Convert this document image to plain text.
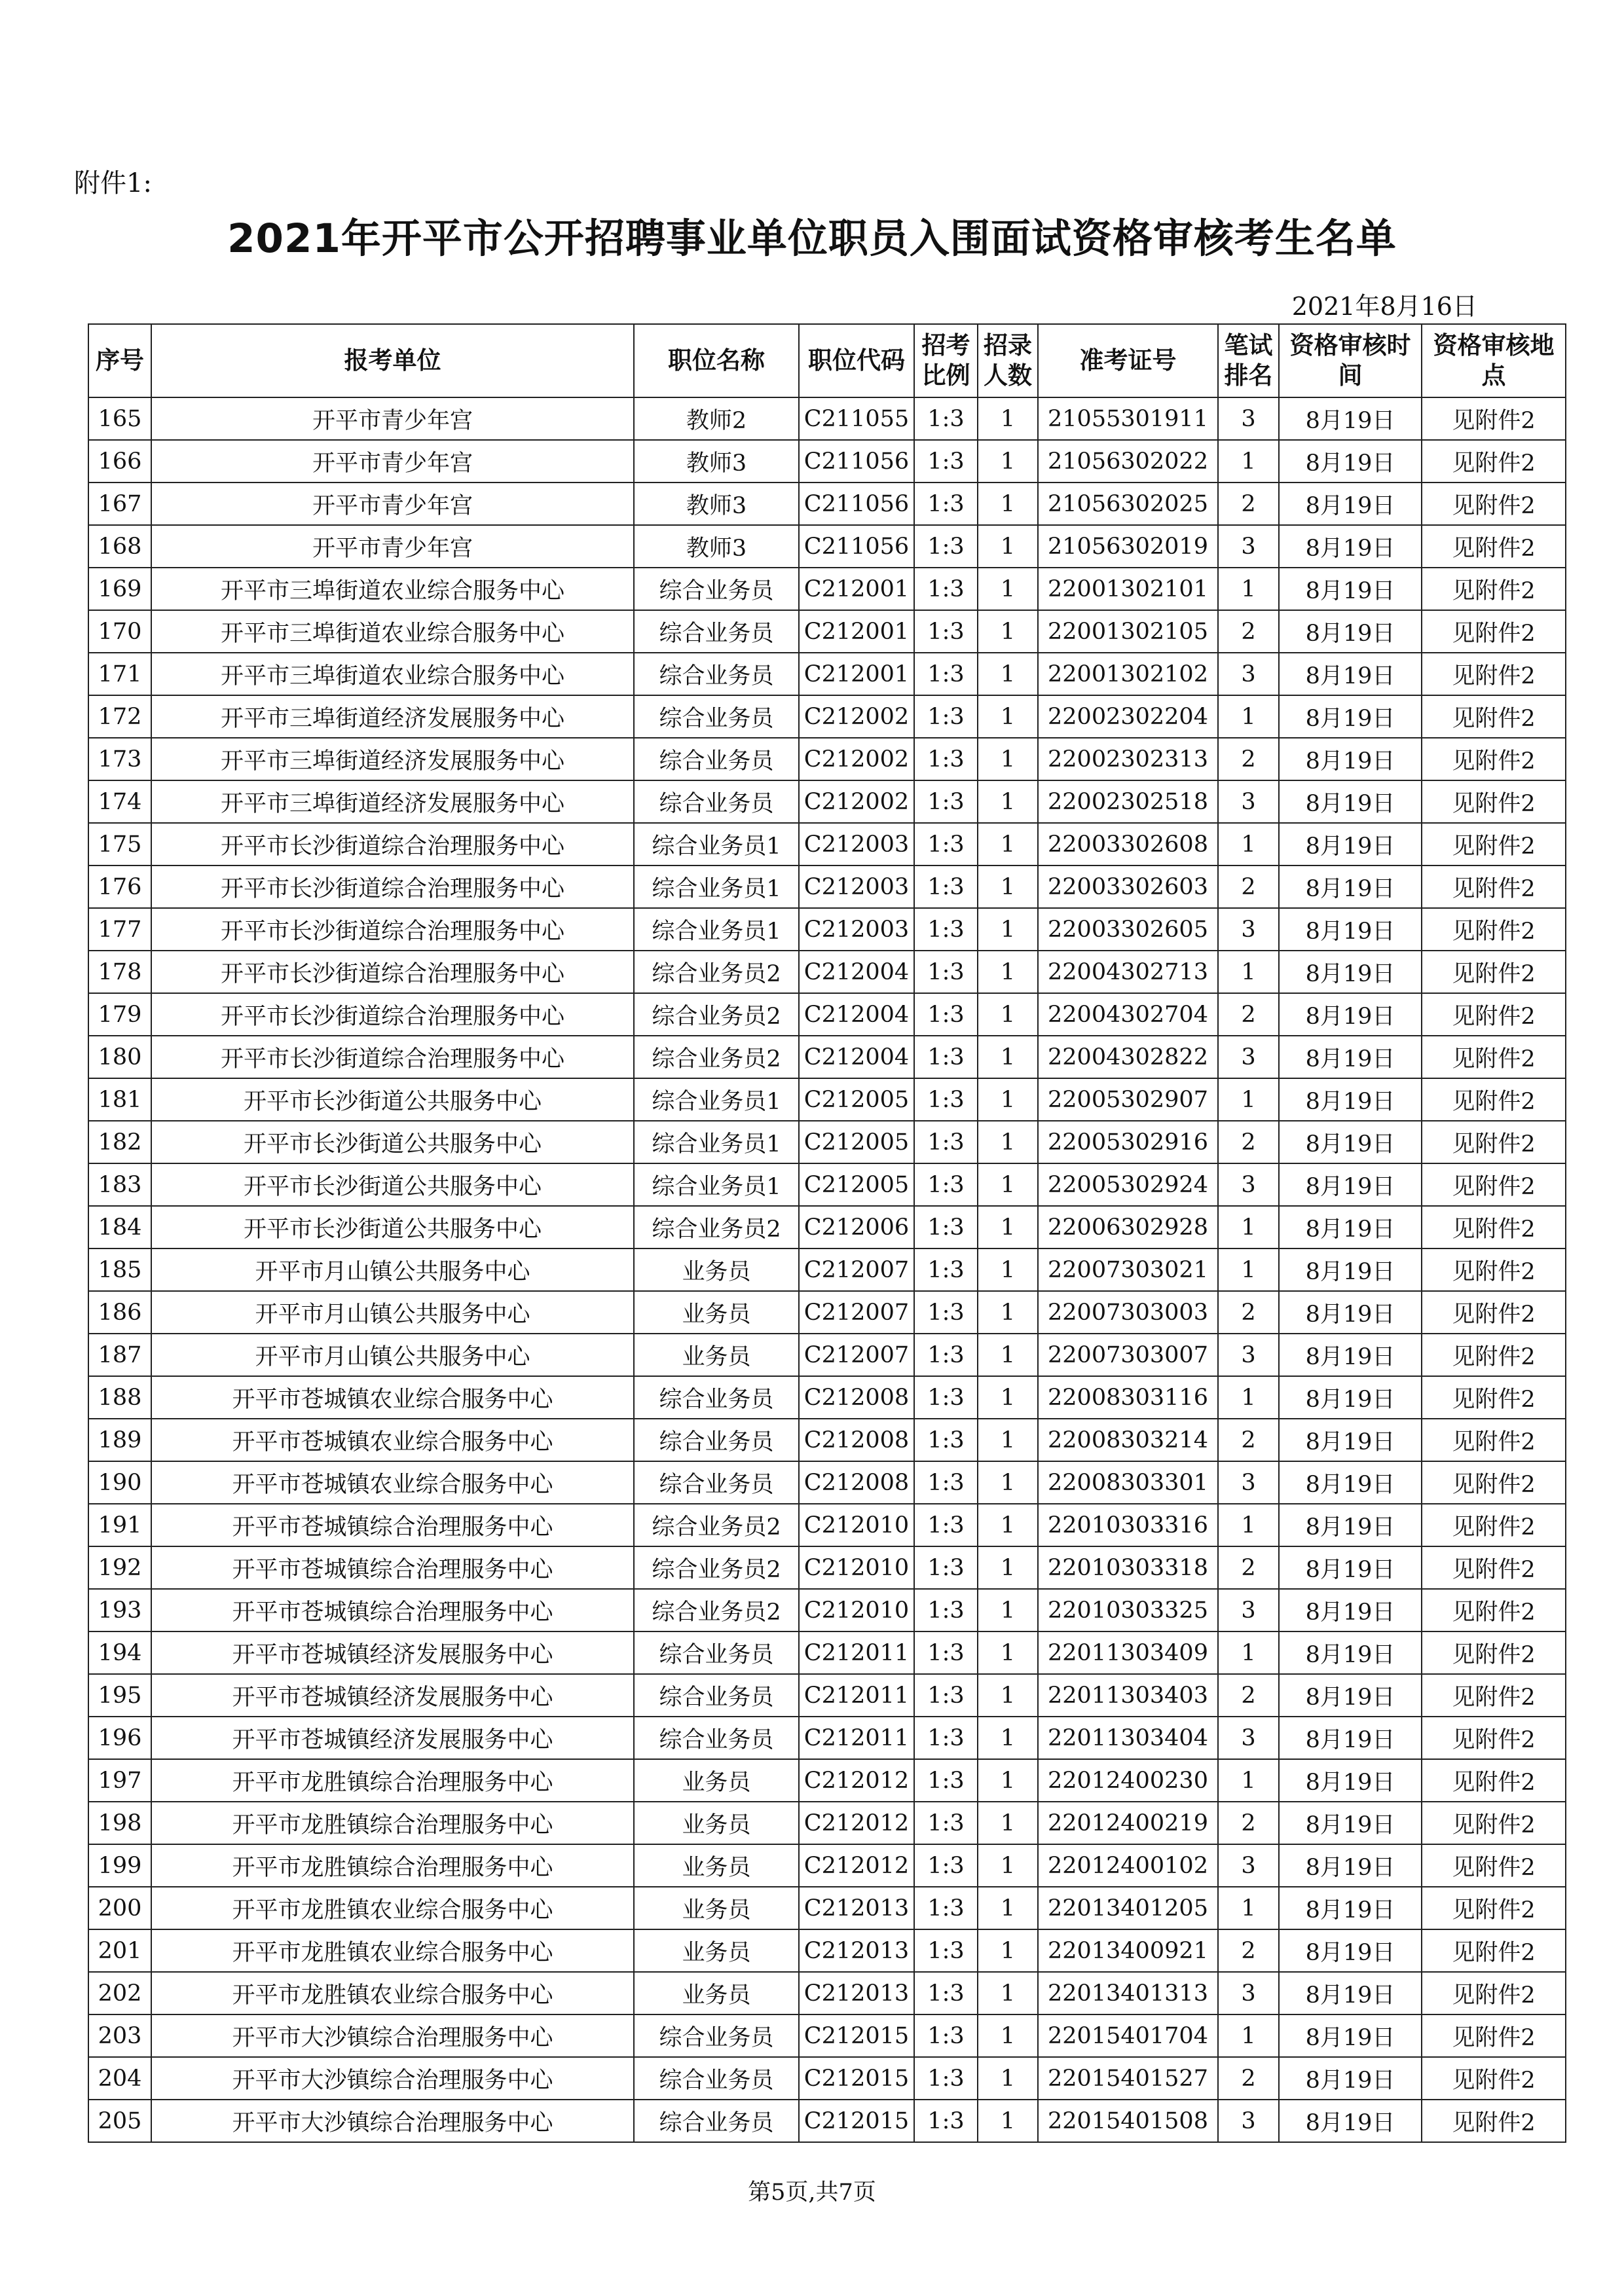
附件1:
2021年开平市公开招聘事业单位职员入围面试资格审核考生名单
2021年8月16日
序号	报考单位	职位名称	职位代码	招考比例	招录人数	准考证号	笔试排名	资格审核时间	资格审核地点
165	开平市青少年宫	教师2	C211055	1:3	1	21055301911	3	8月19日	见附件2
166	开平市青少年宫	教师3	C211056	1:3	1	21056302022	1	8月19日	见附件2
167	开平市青少年宫	教师3	C211056	1:3	1	21056302025	2	8月19日	见附件2
168	开平市青少年宫	教师3	C211056	1:3	1	21056302019	3	8月19日	见附件2
169	开平市三埠街道农业综合服务中心	综合业务员	C212001	1:3	1	22001302101	1	8月19日	见附件2
170	开平市三埠街道农业综合服务中心	综合业务员	C212001	1:3	1	22001302105	2	8月19日	见附件2
171	开平市三埠街道农业综合服务中心	综合业务员	C212001	1:3	1	22001302102	3	8月19日	见附件2
172	开平市三埠街道经济发展服务中心	综合业务员	C212002	1:3	1	22002302204	1	8月19日	见附件2
173	开平市三埠街道经济发展服务中心	综合业务员	C212002	1:3	1	22002302313	2	8月19日	见附件2
174	开平市三埠街道经济发展服务中心	综合业务员	C212002	1:3	1	22002302518	3	8月19日	见附件2
175	开平市长沙街道综合治理服务中心	综合业务员1	C212003	1:3	1	22003302608	1	8月19日	见附件2
176	开平市长沙街道综合治理服务中心	综合业务员1	C212003	1:3	1	22003302603	2	8月19日	见附件2
177	开平市长沙街道综合治理服务中心	综合业务员1	C212003	1:3	1	22003302605	3	8月19日	见附件2
178	开平市长沙街道综合治理服务中心	综合业务员2	C212004	1:3	1	22004302713	1	8月19日	见附件2
179	开平市长沙街道综合治理服务中心	综合业务员2	C212004	1:3	1	22004302704	2	8月19日	见附件2
180	开平市长沙街道综合治理服务中心	综合业务员2	C212004	1:3	1	22004302822	3	8月19日	见附件2
181	开平市长沙街道公共服务中心	综合业务员1	C212005	1:3	1	22005302907	1	8月19日	见附件2
182	开平市长沙街道公共服务中心	综合业务员1	C212005	1:3	1	22005302916	2	8月19日	见附件2
183	开平市长沙街道公共服务中心	综合业务员1	C212005	1:3	1	22005302924	3	8月19日	见附件2
184	开平市长沙街道公共服务中心	综合业务员2	C212006	1:3	1	22006302928	1	8月19日	见附件2
185	开平市月山镇公共服务中心	业务员	C212007	1:3	1	22007303021	1	8月19日	见附件2
186	开平市月山镇公共服务中心	业务员	C212007	1:3	1	22007303003	2	8月19日	见附件2
187	开平市月山镇公共服务中心	业务员	C212007	1:3	1	22007303007	3	8月19日	见附件2
188	开平市苍城镇农业综合服务中心	综合业务员	C212008	1:3	1	22008303116	1	8月19日	见附件2
189	开平市苍城镇农业综合服务中心	综合业务员	C212008	1:3	1	22008303214	2	8月19日	见附件2
190	开平市苍城镇农业综合服务中心	综合业务员	C212008	1:3	1	22008303301	3	8月19日	见附件2
191	开平市苍城镇综合治理服务中心	综合业务员2	C212010	1:3	1	22010303316	1	8月19日	见附件2
192	开平市苍城镇综合治理服务中心	综合业务员2	C212010	1:3	1	22010303318	2	8月19日	见附件2
193	开平市苍城镇综合治理服务中心	综合业务员2	C212010	1:3	1	22010303325	3	8月19日	见附件2
194	开平市苍城镇经济发展服务中心	综合业务员	C212011	1:3	1	22011303409	1	8月19日	见附件2
195	开平市苍城镇经济发展服务中心	综合业务员	C212011	1:3	1	22011303403	2	8月19日	见附件2
196	开平市苍城镇经济发展服务中心	综合业务员	C212011	1:3	1	22011303404	3	8月19日	见附件2
197	开平市龙胜镇综合治理服务中心	业务员	C212012	1:3	1	22012400230	1	8月19日	见附件2
198	开平市龙胜镇综合治理服务中心	业务员	C212012	1:3	1	22012400219	2	8月19日	见附件2
199	开平市龙胜镇综合治理服务中心	业务员	C212012	1:3	1	22012400102	3	8月19日	见附件2
200	开平市龙胜镇农业综合服务中心	业务员	C212013	1:3	1	22013401205	1	8月19日	见附件2
201	开平市龙胜镇农业综合服务中心	业务员	C212013	1:3	1	22013400921	2	8月19日	见附件2
202	开平市龙胜镇农业综合服务中心	业务员	C212013	1:3	1	22013401313	3	8月19日	见附件2
203	开平市大沙镇综合治理服务中心	综合业务员	C212015	1:3	1	22015401704	1	8月19日	见附件2
204	开平市大沙镇综合治理服务中心	综合业务员	C212015	1:3	1	22015401527	2	8月19日	见附件2
205	开平市大沙镇综合治理服务中心	综合业务员	C212015	1:3	1	22015401508	3	8月19日	见附件2
第5页,共7页
